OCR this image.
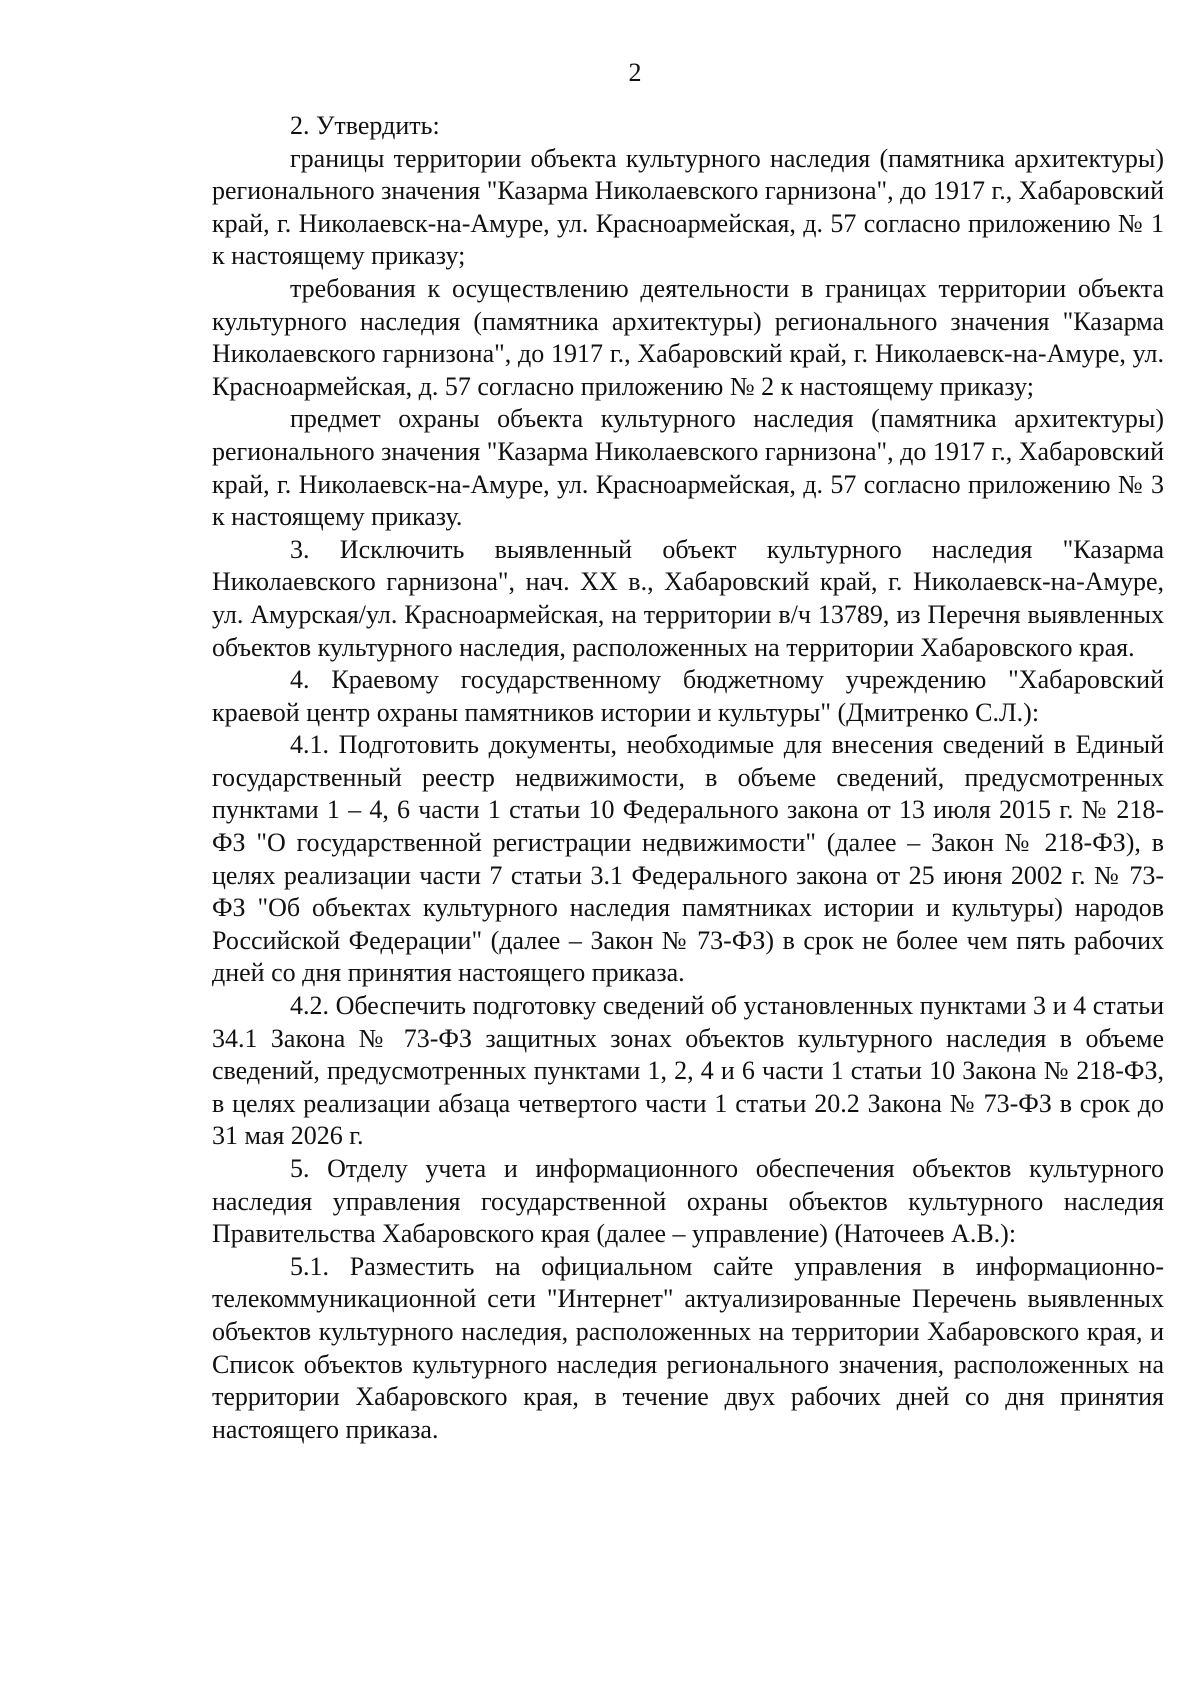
2

2. Утвердить:

границы территории объекта культурного наследия (памятника архитектуры) регионального значения "Казарма Николаевского гарнизона", до 1917 г., Хабаровский край, г. Николаевск-на-Амуре, ул. Красноармейская, д. 57 согласно приложению № 1 к настоящему приказу;

требования к осуществлению деятельности в границах территории объекта культурного наследия (памятника архитектуры) регионального значения "Казарма Николаевского гарнизона", до 1917 г., Хабаровский край, г. Николаевск-на-Амуре, ул. Красноармейская, д. 57 согласно приложению № 2 к настоящему приказу;

предмет охраны объекта культурного наследия (памятника архитектуры) регионального значения "Казарма Николаевского гарнизона", до 1917 г., Хабаровский край, г. Николаевск-на-Амуре, ул. Красноармейская, д. 57 согласно приложению № 3 к настоящему приказу.

3. Исключить выявленный объект культурного наследия "Казарма Николаевского гарнизона", нач. XX в., Хабаровский край, г. Николаевск-на-Амуре, ул. Амурская/ул. Красноармейская, на территории в/ч 13789, из Перечня выявленных объектов культурного наследия, расположенных на территории Хабаровского края.

4. Краевому государственному бюджетному учреждению "Хабаровский краевой центр охраны памятников истории и культуры" (Дмитренко С.Л.):

4.1. Подготовить документы, необходимые для внесения сведений в Единый государственный реестр недвижимости, в объеме сведений, предусмотренных пунктами 1 – 4, 6 части 1 статьи 10 Федерального закона от 13 июля 2015 г. № 218-ФЗ "О государственной регистрации недвижимости" (далее – Закон № 218-ФЗ), в целях реализации части 7 статьи 3.1 Федерального закона от 25 июня 2002 г. № 73-ФЗ "Об объектах культурного наследия памятниках истории и культуры) народов Российской Федерации" (далее – Закон № 73-ФЗ) в срок не более чем пять рабочих дней со дня принятия настоящего приказа.

4.2. Обеспечить подготовку сведений об установленных пунктами 3 и 4 статьи 34.1 Закона № 73-ФЗ защитных зонах объектов культурного наследия в объеме сведений, предусмотренных пунктами 1, 2, 4 и 6 части 1 статьи 10 Закона № 218-ФЗ, в целях реализации абзаца четвертого части 1 статьи 20.2 Закона № 73-ФЗ в срок до 31 мая 2026 г.

5. Отделу учета и информационного обеспечения объектов культурного наследия управления государственной охраны объектов культурного наследия Правительства Хабаровского края (далее – управление) (Наточеев А.В.):

5.1. Разместить на официальном сайте управления в информационно-телекоммуникационной сети "Интернет" актуализированные Перечень выявленных объектов культурного наследия, расположенных на территории Хабаровского края, и Список объектов культурного наследия регионального значения, расположенных на территории Хабаровского края, в течение двух рабочих дней со дня принятия настоящего приказа.
